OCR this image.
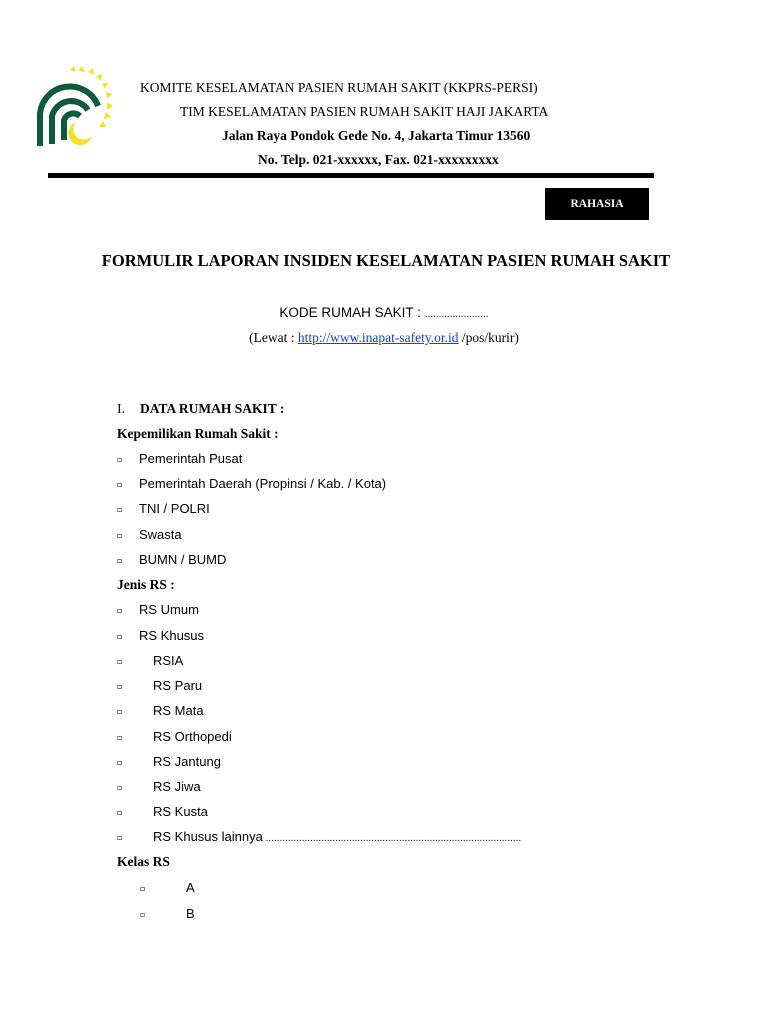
KOMITE KESELAMATAN PASIEN RUMAH SAKIT (KKPRS-PERSI)
TIM KESELAMATAN PASIEN RUMAH SAKIT HAJI JAKARTA
Jalan Raya Pondok Gede No. 4, Jakarta Timur 13560
No. Telp. 021-xxxxxx, Fax. 021-xxxxxxxxx
RAHASIA
FORMULIR LAPORAN INSIDEN KESELAMATAN PASIEN RUMAH SAKIT
KODE RUMAH SAKIT : .......................
(Lewat : http://www.inapat-safety.or.id /pos/kurir)
I. DATA RUMAH SAKIT :
Kepemilikan Rumah Sakit :
▫ Pemerintah Pusat
▫ Pemerintah Daerah (Propinsi / Kab. / Kota)
▫ TNI / POLRI
▫ Swasta
▫ BUMN / BUMD
Jenis RS :
▫ RS Umum
▫ RS Khusus
▫ RSIA
▫ RS Paru
▫ RS Mata
▫ RS Orthopedi
▫ RS Jantung
▫ RS Jiwa
▫ RS Kusta
▫ RS Khusus lainnya ............................................................................................
Kelas RS
▫	A
▫	B
